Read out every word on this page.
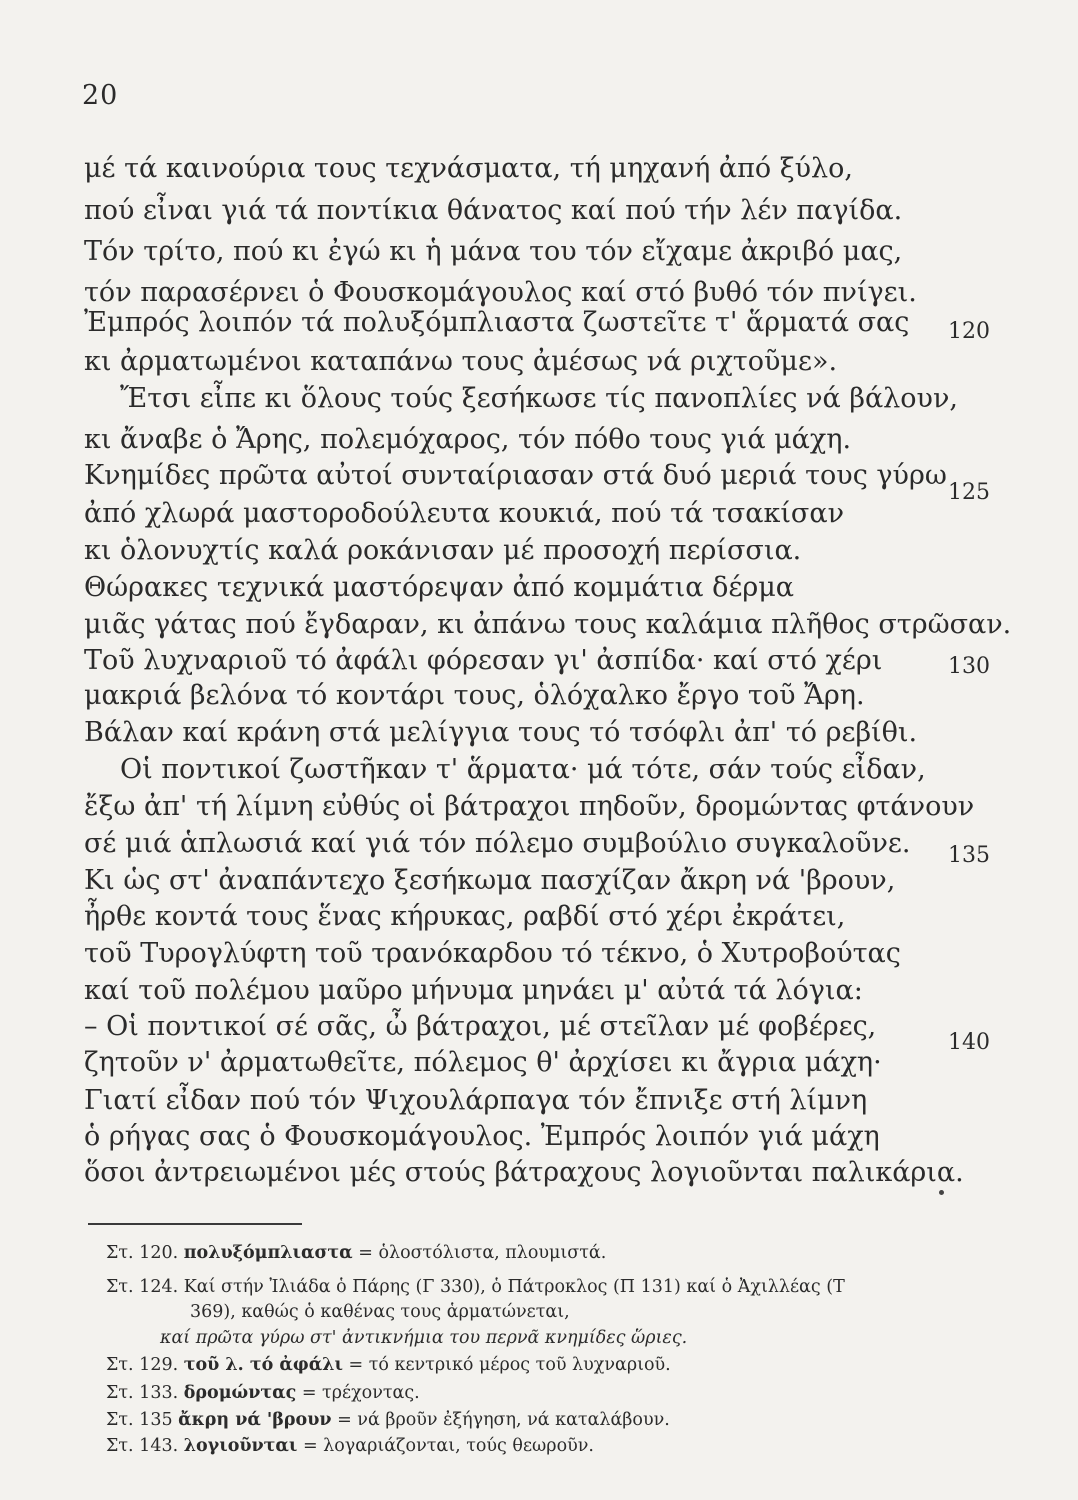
20
μέ τά καινούρια τους τεχνάσματα, τή μηχανή ἀπό ξύλο,
πού εἶναι γιά τά ποντίκια θάνατος καί πού τήν λέν παγίδα.
Τόν τρίτο, πού κι ἐγώ κι ἡ μάνα του τόν εἴχαμε ἀκριβό μας,
τόν παρασέρνει ὁ Φουσκομάγουλος καί στό βυθό τόν πνίγει.
Ἐμπρός λοιπόν τά πολυξόμπλιαστα ζωστεῖτε τ' ἅρματά σας
κι ἀρματωμένοι καταπάνω τους ἀμέσως νά ριχτοῦμε».
Ἔτσι εἶπε κι ὅλους τούς ξεσήκωσε τίς πανοπλίες νά βάλουν,
κι ἄναβε ὁ Ἄρης, πολεμόχαρος, τόν πόθο τους γιά μάχη.
Κνημίδες πρῶτα αὐτοί συνταίριασαν στά δυό μεριά τους γύρω
ἀπό χλωρά μαστοροδούλευτα κουκιά, πού τά τσακίσαν
κι ὁλονυχτίς καλά ροκάνισαν μέ προσοχή περίσσια.
Θώρακες τεχνικά μαστόρεψαν ἀπό κομμάτια δέρμα
μιᾶς γάτας πού ἔγδαραν, κι ἀπάνω τους καλάμια πλῆθος στρῶσαν.
Τοῦ λυχναριοῦ τό ἀφάλι φόρεσαν γι' ἀσπίδα· καί στό χέρι
μακριά βελόνα τό κοντάρι τους, ὁλόχαλκο ἔργο τοῦ Ἄρη.
Βάλαν καί κράνη στά μελίγγια τους τό τσόφλι ἀπ' τό ρεβίθι.
Οἱ ποντικοί ζωστῆκαν τ' ἅρματα· μά τότε, σάν τούς εἶδαν,
ἔξω ἀπ' τή λίμνη εὐθύς οἱ βάτραχοι πηδοῦν, δρομώντας φτάνουν
σέ μιά ἁπλωσιά καί γιά τόν πόλεμο συμβούλιο συγκαλοῦνε.
Κι ὡς στ' ἀναπάντεχο ξεσήκωμα πασχίζαν ἄκρη νά 'βρουν,
ἦρθε κοντά τους ἕνας κήρυκας, ραβδί στό χέρι ἐκράτει,
τοῦ Τυρογλύφτη τοῦ τρανόκαρδου τό τέκνο, ὁ Χυτροβούτας
καί τοῦ πολέμου μαῦρο μήνυμα μηνάει μ' αὐτά τά λόγια:
– Οἱ ποντικοί σέ σᾶς, ὦ βάτραχοι, μέ στεῖλαν μέ φοβέρες,
ζητοῦν ν' ἀρματωθεῖτε, πόλεμος θ' ἀρχίσει κι ἄγρια μάχη·
Γιατί εἶδαν πού τόν Ψιχουλάρπαγα τόν ἔπνιξε στή λίμνη
ὁ ρήγας σας ὁ Φουσκομάγουλος. Ἐμπρός λοιπόν γιά μάχη
ὅσοι ἀντρειωμένοι μές στούς βάτραχους λογιοῦνται παλικάρια.
120
125
130
135
140
Στ. 120. πολυξόμπλιαστα = ὁλοστόλιστα, πλουμιστά.
Στ. 124. Καί στήν Ἰλιάδα ὁ Πάρης (Γ 330), ὁ Πάτροκλος (Π 131) καί ὁ Ἀχιλλέας (Τ
369), καθώς ὁ καθένας τους ἁρματώνεται,
καί πρῶτα γύρω στ' ἀντικνήμια του περνᾶ κνημίδες ὥριες.
Στ. 129. τοῦ λ. τό ἀφάλι = τό κεντρικό μέρος τοῦ λυχναριοῦ.
Στ. 133. δρομώντας = τρέχοντας.
Στ. 135 ἄκρη νά 'βρουν = νά βροῦν ἐξήγηση, νά καταλάβουν.
Στ. 143. λογιοῦνται = λογαριάζονται, τούς θεωροῦν.
